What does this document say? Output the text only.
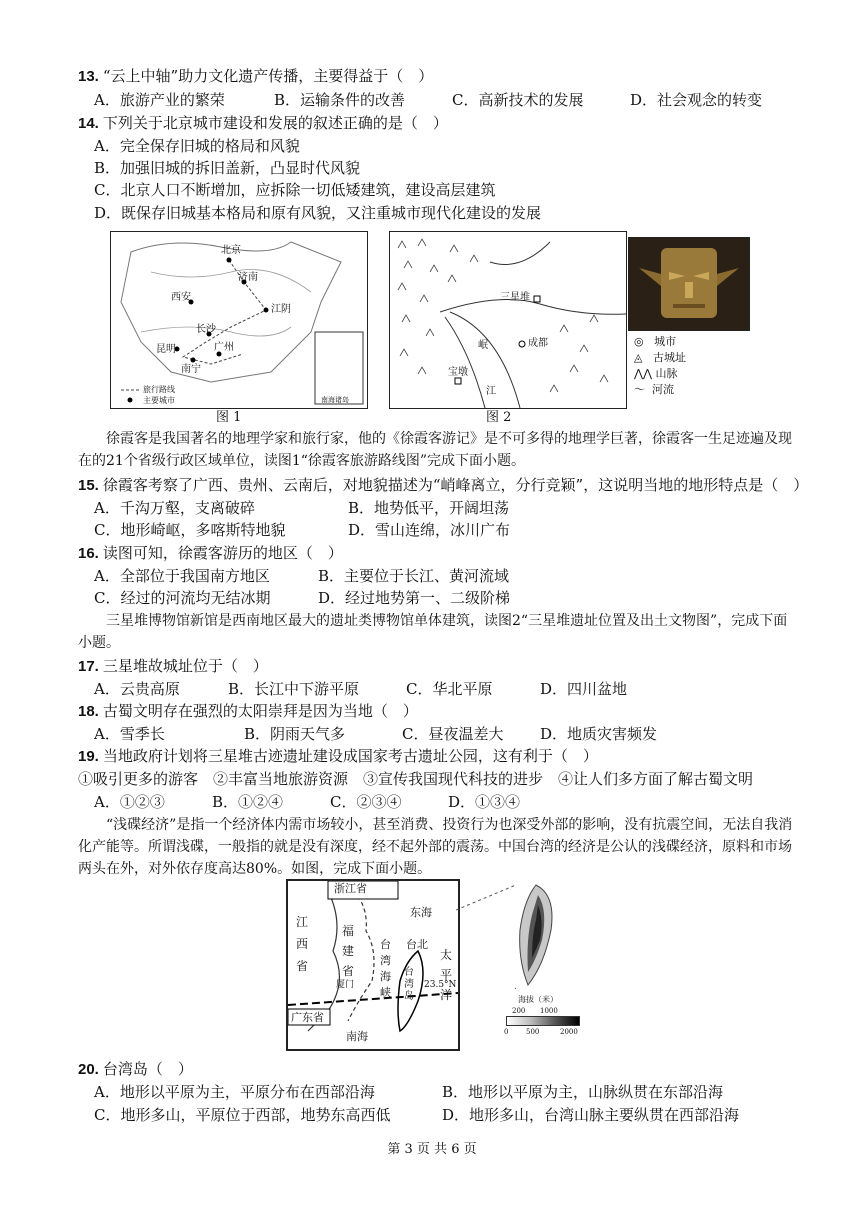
13. “云上中轴”助力文化遗产传播，主要得益于（　）
A．旅游产业的繁荣	B．运输条件的改善	C．高新技术的发展	D．社会观念的转变
14. 下列关于北京城市建设和发展的叙述正确的是（　）
A．完全保存旧城的格局和风貌
B．加强旧城的拆旧盖新，凸显时代风貌
C．北京人口不断增加，应拆除一切低矮建筑，建设高层建筑
D．既保存旧城基本格局和原有风貌，又注重城市现代化建设的发展
北京
济南
西安
江阴
长沙
昆明
南宁
广州
旅行路线
主要城市	南海诸岛
图 1
三星堆
成都
宝墩
岷
江
图 2
◎ 城市
◬ 古城址
⋀⋀ 山脉
〜 河流
徐霞客是我国著名的地理学家和旅行家，他的《徐霞客游记》是不可多得的地理学巨著，徐霞客一生足迹遍及现在的21个省级行政区域单位，读图1“徐霞客旅游路线图”完成下面小题。
15. 徐霞客考察了广西、贵州、云南后，对地貌描述为“峭峰离立，分行竞颖”，这说明当地的地形特点是（　）
A．千沟万壑，支离破碎	B．地势低平，开阔坦荡
C．地形崎岖，多喀斯特地貌	D．雪山连绵，冰川广布
16. 读图可知，徐霞客游历的地区（　）
A．全部位于我国南方地区	B．主要位于长江、黄河流域
C．经过的河流均无结冰期	D．经过地势第一、二级阶梯
三星堆博物馆新馆是西南地区最大的遗址类博物馆单体建筑，读图2“三星堆遗址位置及出土文物图”，完成下面小题。
17. 三星堆故城址位于（　）
A．云贵高原	B．长江中下游平原	C．华北平原	D．四川盆地
18. 古蜀文明存在强烈的太阳崇拜是因为当地（　）
A．雪季长	B．阴雨天气多	C．昼夜温差大 D．地质灾害频发
19. 当地政府计划将三星堆古迹遗址建设成国家考古遗址公园，这有利于（　）
①吸引更多的游客　②丰富当地旅游资源　③宣传我国现代科技的进步　④让人们多方面了解古蜀文明
A．①②③	B．①②④	C．②③④	D．①③④
“浅碟经济”是指一个经济体内需市场较小，甚至消费、投资行为也深受外部的影响，没有抗震空间，无法自我消化产能等。所谓浅碟，一般指的就是没有深度，经不起外部的震荡。中国台湾的经济是公认的浅碟经济，原料和市场两头在外，对外依存度高达80%。如图，完成下面小题。
浙江省
东海
江西省
福建省
厦门
台湾海峡
台北
台湾岛
太平洋
23.5°N
广东省
南海
海拔（米）
200 1000
0	500	2000
20. 台湾岛（　）
A．地形以平原为主，平原分布在西部沿海	B．地形以平原为主，山脉纵贯在东部沿海
C．地形多山，平原位于西部，地势东高西低	D．地形多山，台湾山脉主要纵贯在西部沿海
第 3 页 共 6 页
